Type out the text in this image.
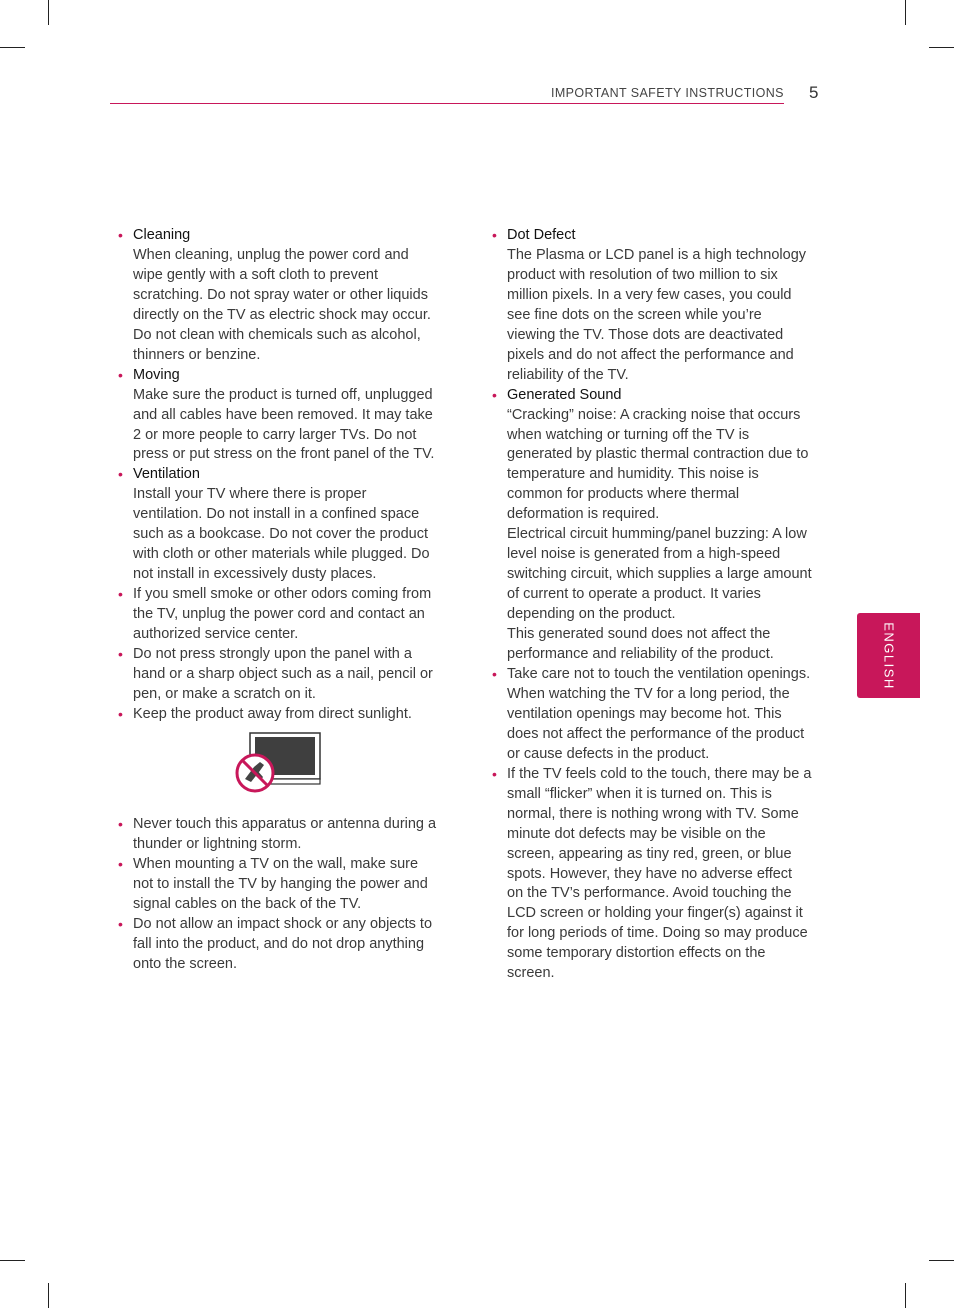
IMPORTANT SAFETY INSTRUCTIONS 5
ENGLISH
• Cleaning
When cleaning, unplug the power cord and wipe gently with a soft cloth to prevent scratching. Do not spray water or other liquids directly on the TV as electric shock may occur. Do not clean with chemicals such as alcohol, thinners or benzine.
• Moving
Make sure the product is turned off, unplugged and all cables have been removed. It may take 2 or more people to carry larger TVs. Do not press or put stress on the front panel of the TV.
• Ventilation
Install your TV where there is proper ventilation. Do not install in a confined space such as a bookcase. Do not cover the product with cloth or other materials while plugged. Do not install in excessively dusty places.
• If you smell smoke or other odors coming from the TV, unplug the power cord and contact an authorized service center.
• Do not press strongly upon the panel with a hand or a sharp object such as a nail, pencil or pen, or make a scratch on it.
• Keep the product away from direct sunlight.
• Never touch this apparatus or antenna during a thunder or lightning storm.
• When mounting a TV on the wall, make sure not to install the TV by hanging the power and signal cables on the back of the TV.
• Do not allow an impact shock or any objects to fall into the product, and do not drop anything onto the screen.
• Dot Defect
The Plasma or LCD panel is a high technology product with resolution of two million to six million pixels. In a very few cases, you could see fine dots on the screen while you’re viewing the TV. Those dots are deactivated pixels and do not affect the performance and reliability of the TV.
• Generated Sound
“Cracking” noise: A cracking noise that occurs when watching or turning off the TV is generated by plastic thermal contraction due to temperature and humidity. This noise is common for products where thermal deformation is required.
Electrical circuit humming/panel buzzing: A low level noise is generated from a high-speed switching circuit, which supplies a large amount of current to operate a product. It varies depending on the product.
This generated sound does not affect the performance and reliability of the product.
• Take care not to touch the ventilation openings. When watching the TV for a long period, the ventilation openings may become hot. This does not affect the performance of the product or cause defects in the product.
• If the TV feels cold to the touch, there may be a small “flicker” when it is turned on. This is normal, there is nothing wrong with TV. Some minute dot defects may be visible on the screen, appearing as tiny red, green, or blue spots. However, they have no adverse effect on the TV’s performance. Avoid touching the LCD screen or holding your finger(s) against it for long periods of time. Doing so may produce some temporary distortion effects on the screen.
